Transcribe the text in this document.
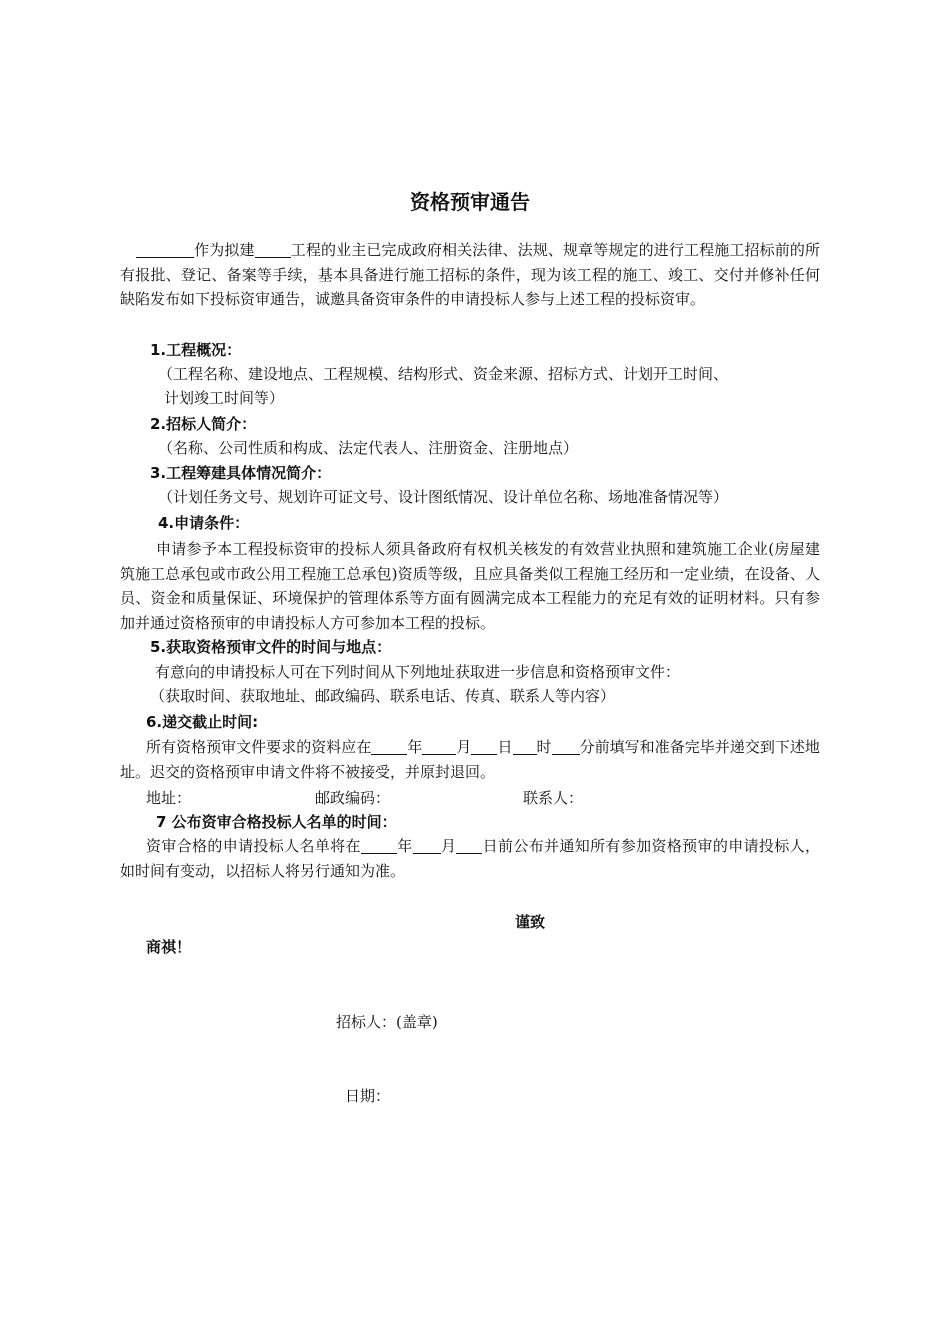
资格预审通告
作为拟建 工程的业主已完成政府相关法律、法规、规章等规定的进行工程施工招标前的所有报批、登记、备案等手续，基本具备进行施工招标的条件，现为该工程的施工、竣工、交付并修补任何缺陷发布如下投标资审通告，诚邀具备资审条件的申请投标人参与上述工程的投标资审。
1.工程概况：
（工程名称、建设地点、工程规模、结构形式、资金来源、招标方式、计划开工时间、
计划竣工时间等）
2.招标人简介：
（名称、公司性质和构成、法定代表人、注册资金、注册地点）
3.工程筹建具体情况简介：
（计划任务文号、规划许可证文号、设计图纸情况、设计单位名称、场地准备情况等）
4.申请条件：
申请参予本工程投标资审的投标人须具备政府有权机关核发的有效营业执照和建筑施工企业(房屋建筑施工总承包或市政公用工程施工总承包)资质等级，且应具备类似工程施工经历和一定业绩，在设备、人员、资金和质量保证、环境保护的管理体系等方面有圆满完成本工程能力的充足有效的证明材料。只有参加并通过资格预审的申请投标人方可参加本工程的投标。
5.获取资格预审文件的时间与地点：
有意向的申请投标人可在下列时间从下列地址获取进一步信息和资格预审文件：
（获取时间、获取地址、邮政编码、联系电话、传真、联系人等内容）
6.递交截止时间:
所有资格预审文件要求的资料应在 年 月 日 时 分前填写和准备完毕并递交到下述地址。迟交的资格预审申请文件将不被接受，并原封退回。
地址：	邮政编码：	联系人：
7 公布资审合格投标人名单的时间：
资审合格的申请投标人名单将在 年 月 日前公布并通知所有参加资格预审的申请投标人，如时间有变动，以招标人将另行通知为准。
谨致
商祺！
招标人：(盖章)
日期：
